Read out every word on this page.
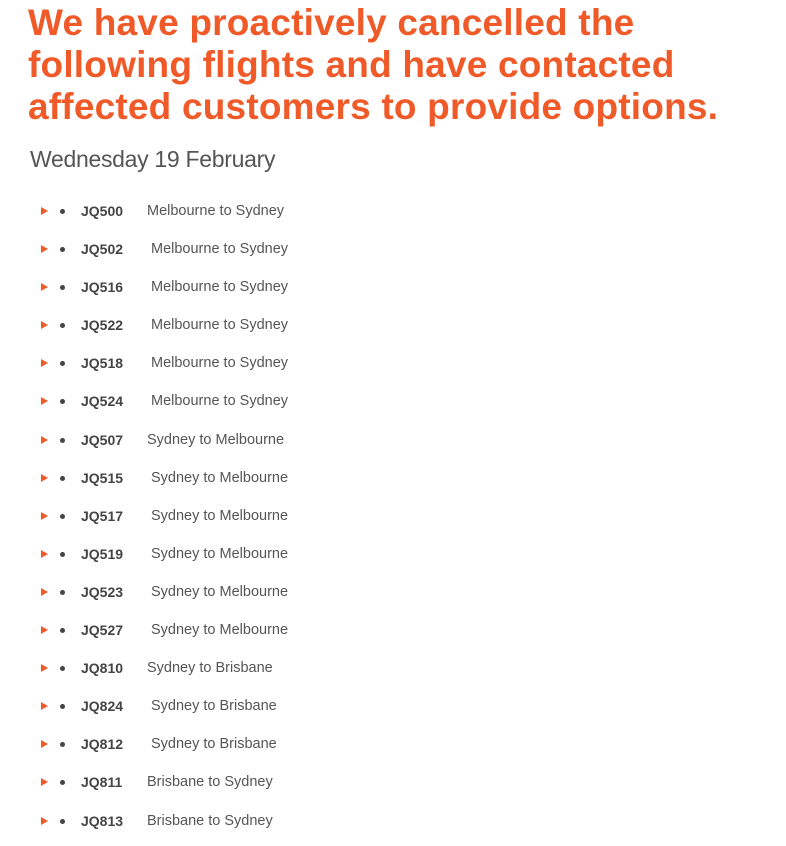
We have proactively cancelled the following flights and have contacted affected customers to provide options.
Wednesday 19 February
JQ500 Melbourne to Sydney
JQ502 Melbourne to Sydney
JQ516 Melbourne to Sydney
JQ522 Melbourne to Sydney
JQ518 Melbourne to Sydney
JQ524 Melbourne to Sydney
JQ507 Sydney to Melbourne
JQ515 Sydney to Melbourne
JQ517 Sydney to Melbourne
JQ519 Sydney to Melbourne
JQ523 Sydney to Melbourne
JQ527 Sydney to Melbourne
JQ810 Sydney to Brisbane
JQ824 Sydney to Brisbane
JQ812 Sydney to Brisbane
JQ811 Brisbane to Sydney
JQ813 Brisbane to Sydney
